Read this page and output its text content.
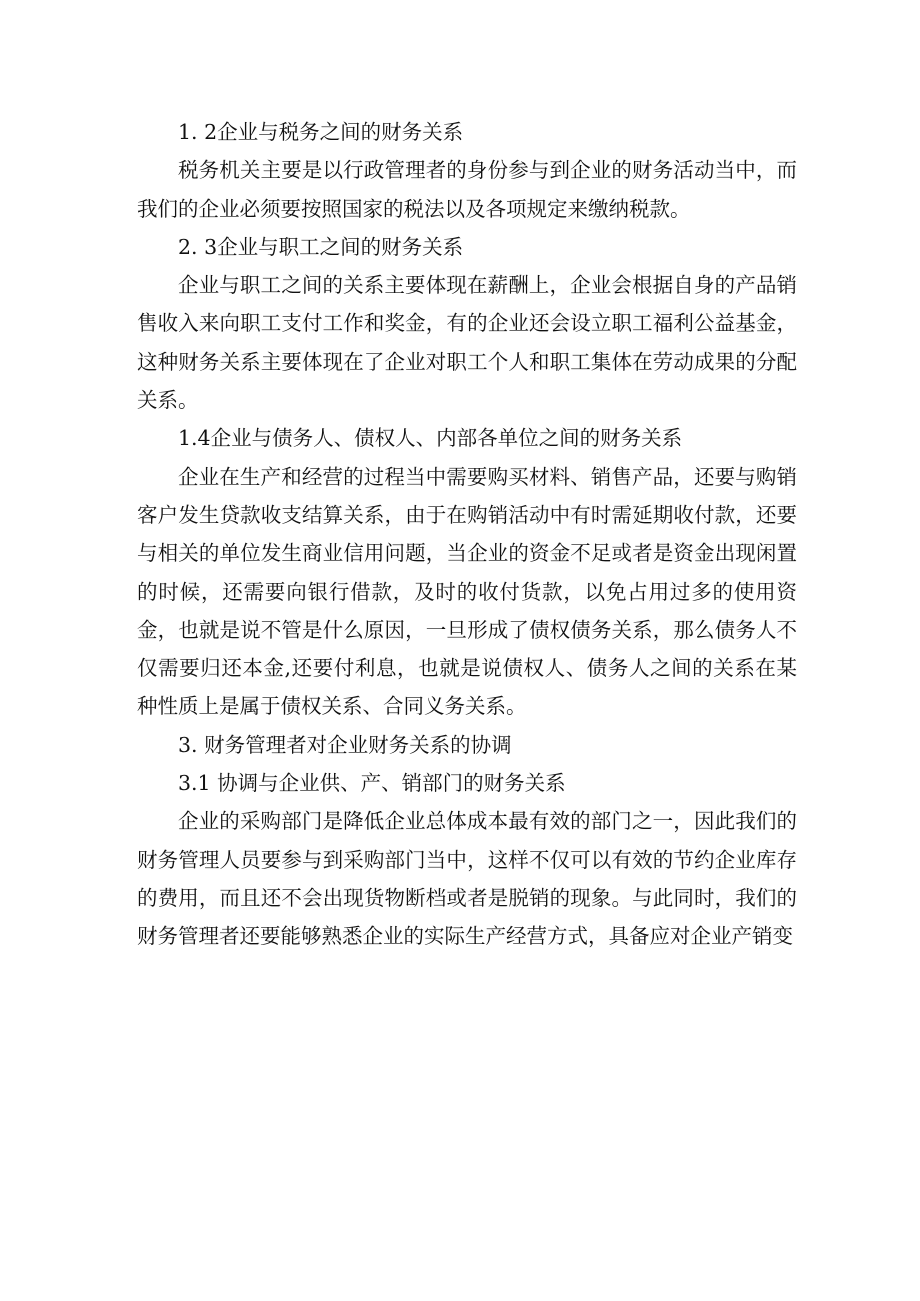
1. 2企业与税务之间的财务关系

税务机关主要是以行政管理者的身份参与到企业的财务活动当中，而我们的企业必须要按照国家的税法以及各项规定来缴纳税款。

2. 3企业与职工之间的财务关系

企业与职工之间的关系主要体现在薪酬上，企业会根据自身的产品销售收入来向职工支付工作和奖金，有的企业还会设立职工福利公益基金，这种财务关系主要体现在了企业对职工个人和职工集体在劳动成果的分配关系。

1.4企业与债务人、债权人、内部各单位之间的财务关系

企业在生产和经营的过程当中需要购买材料、销售产品，还要与购销客户发生贷款收支结算关系，由于在购销活动中有时需延期收付款，还要与相关的单位发生商业信用问题，当企业的资金不足或者是资金出现闲置的时候，还需要向银行借款，及时的收付货款，以免占用过多的使用资金，也就是说不管是什么原因，一旦形成了债权债务关系，那么债务人不仅需要归还本金,还要付利息，也就是说债权人、债务人之间的关系在某种性质上是属于债权关系、合同义务关系。

3. 财务管理者对企业财务关系的协调

3.1 协调与企业供、产、销部门的财务关系

企业的采购部门是降低企业总体成本最有效的部门之一，因此我们的财务管理人员要参与到采购部门当中，这样不仅可以有效的节约企业库存的费用，而且还不会出现货物断档或者是脱销的现象。与此同时，我们的财务管理者还要能够熟悉企业的实际生产经营方式，具备应对企业产销变
